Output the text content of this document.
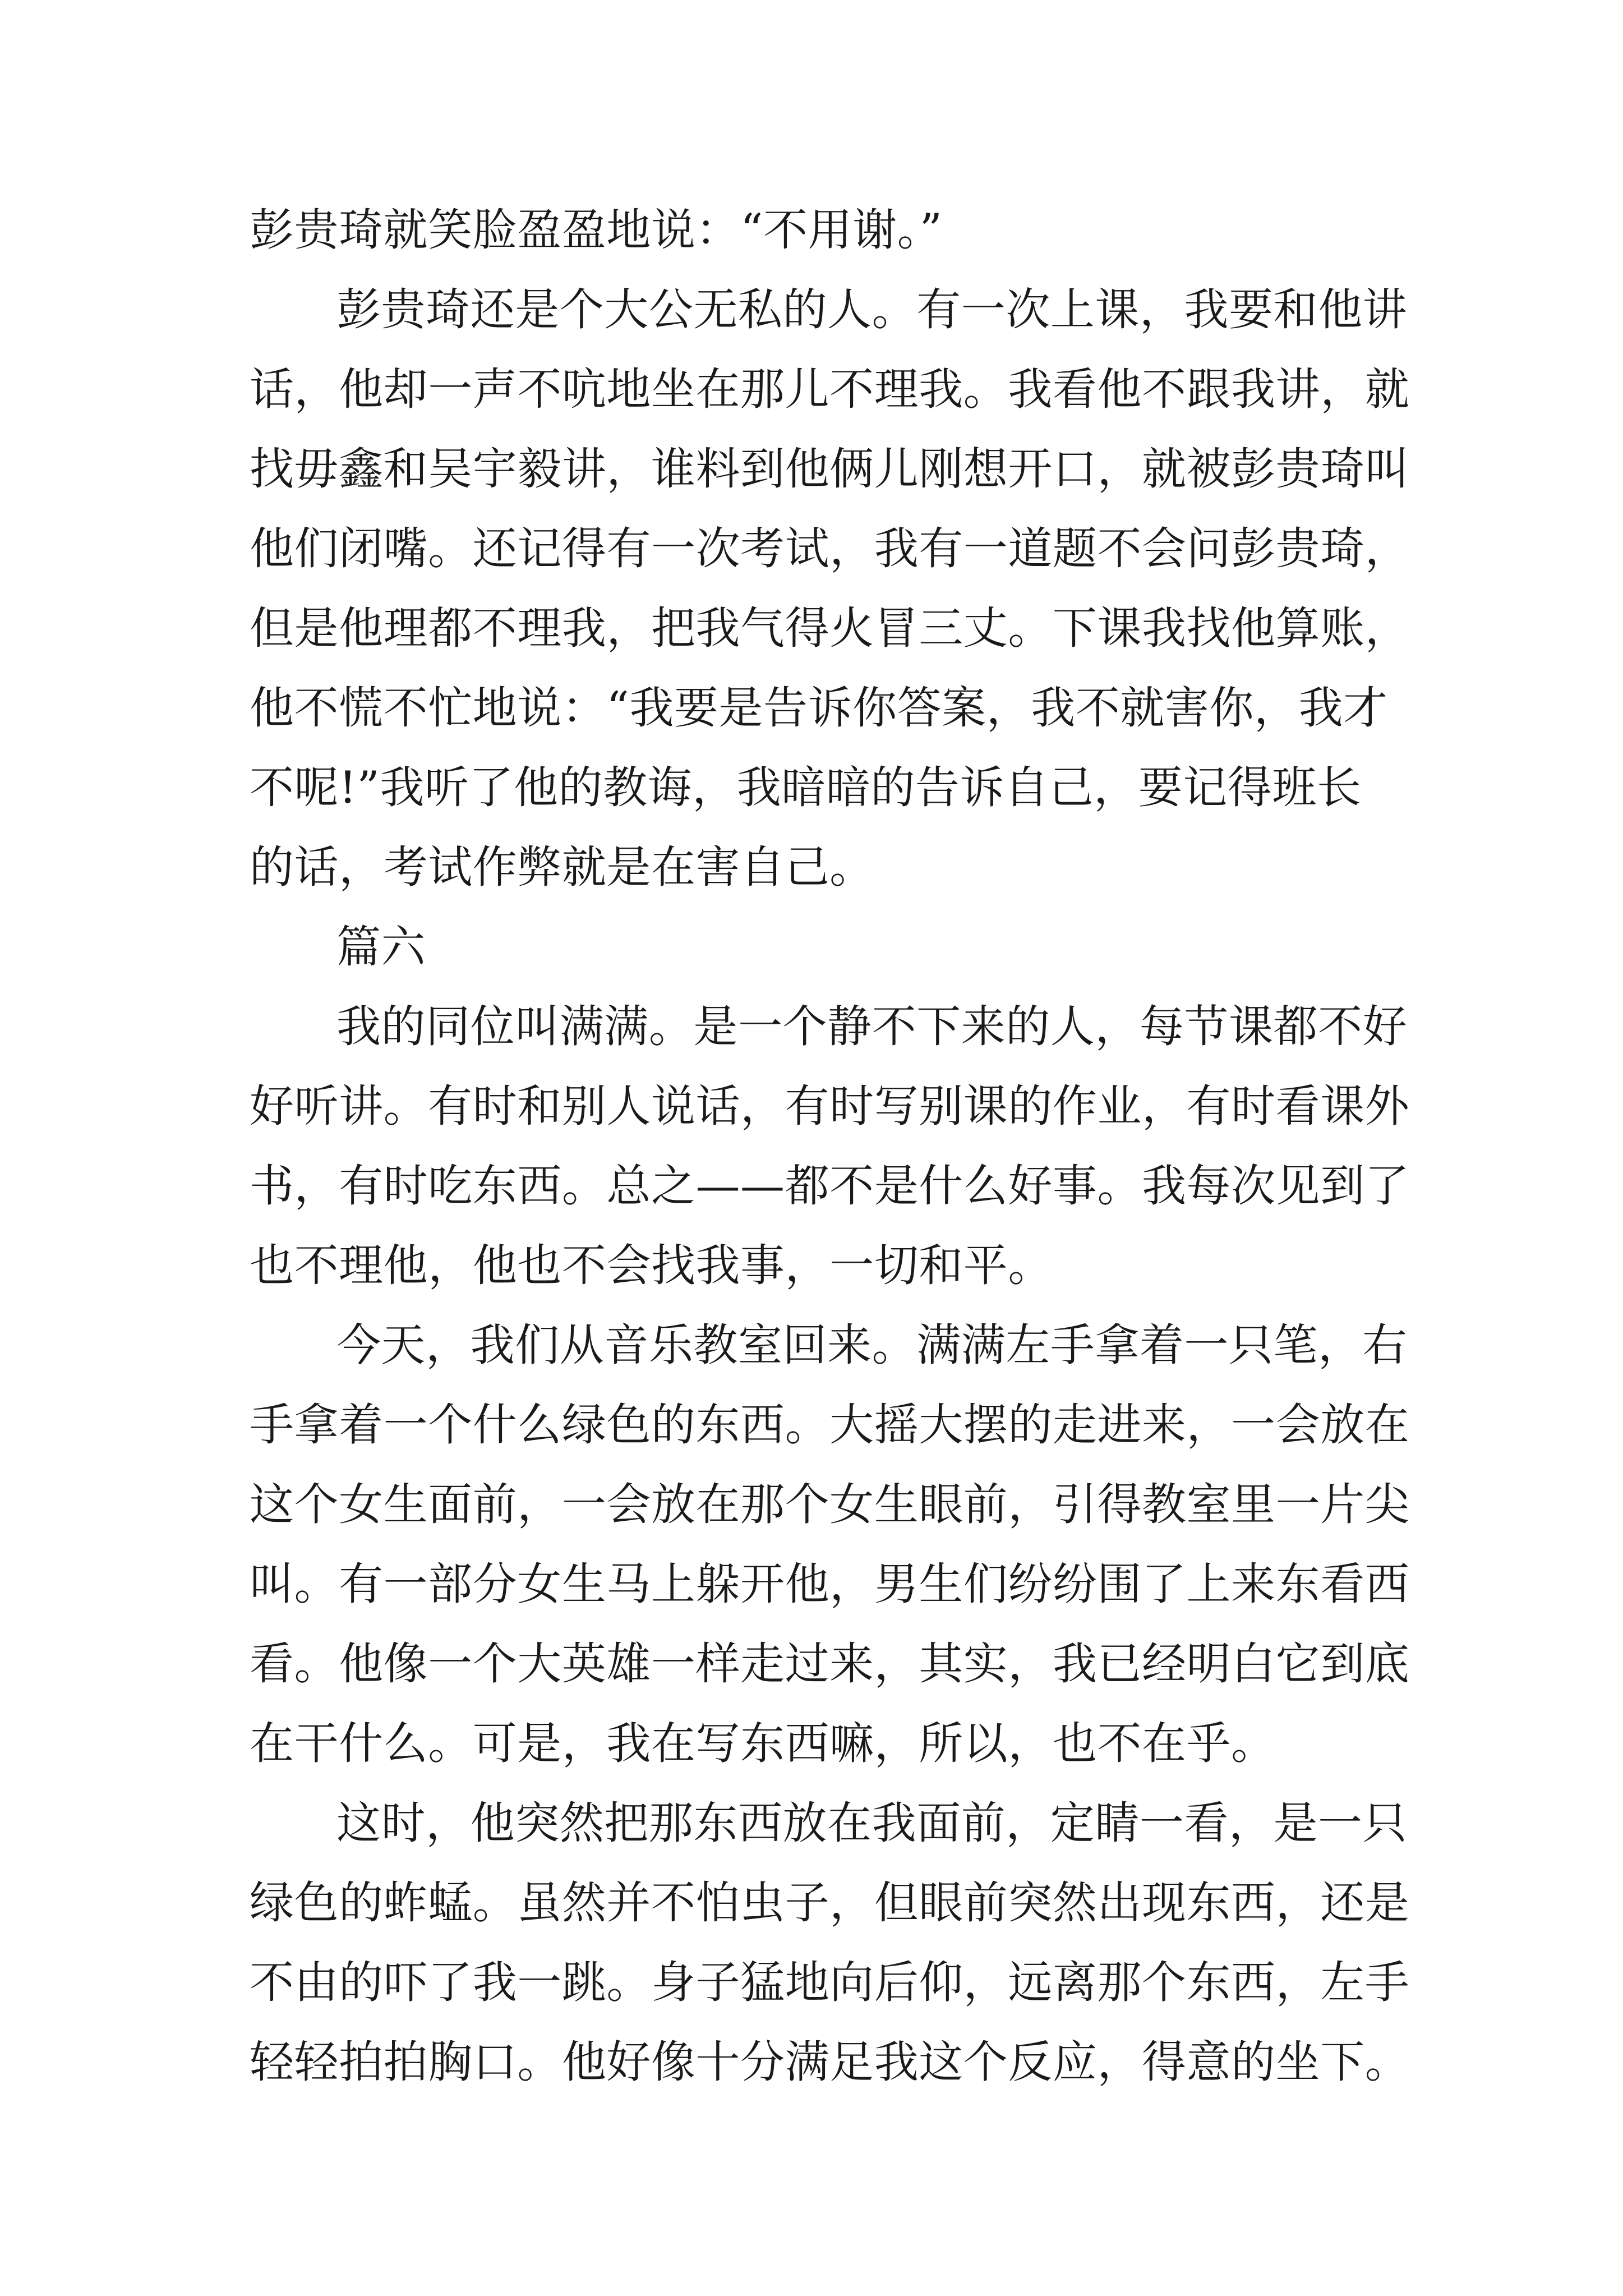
彭贵琦就笑脸盈盈地说：“不用谢。”

彭贵琦还是个大公无私的人。有一次上课，我要和他讲

话，他却一声不吭地坐在那儿不理我。我看他不跟我讲，就

找毋鑫和吴宇毅讲，谁料到他俩儿刚想开口，就被彭贵琦叫

他们闭嘴。还记得有一次考试，我有一道题不会问彭贵琦，

但是他理都不理我，把我气得火冒三丈。下课我找他算账，

他不慌不忙地说：“我要是告诉你答案，我不就害你，我才

不呢!”我听了他的教诲，我暗暗的告诉自己，要记得班长

的话，考试作弊就是在害自己。

篇六

我的同位叫满满。是一个静不下来的人，每节课都不好

好听讲。有时和别人说话，有时写别课的作业，有时看课外

书，有时吃东西。总之——都不是什么好事。我每次见到了

也不理他，他也不会找我事，一切和平。

今天，我们从音乐教室回来。满满左手拿着一只笔，右

手拿着一个什么绿色的东西。大摇大摆的走进来，一会放在

这个女生面前，一会放在那个女生眼前，引得教室里一片尖

叫。有一部分女生马上躲开他，男生们纷纷围了上来东看西

看。他像一个大英雄一样走过来，其实，我已经明白它到底

在干什么。可是，我在写东西嘛，所以，也不在乎。

这时，他突然把那东西放在我面前，定睛一看，是一只

绿色的蚱蜢。虽然并不怕虫子，但眼前突然出现东西，还是

不由的吓了我一跳。身子猛地向后仰，远离那个东西，左手

轻轻拍拍胸口。他好像十分满足我这个反应，得意的坐下。
